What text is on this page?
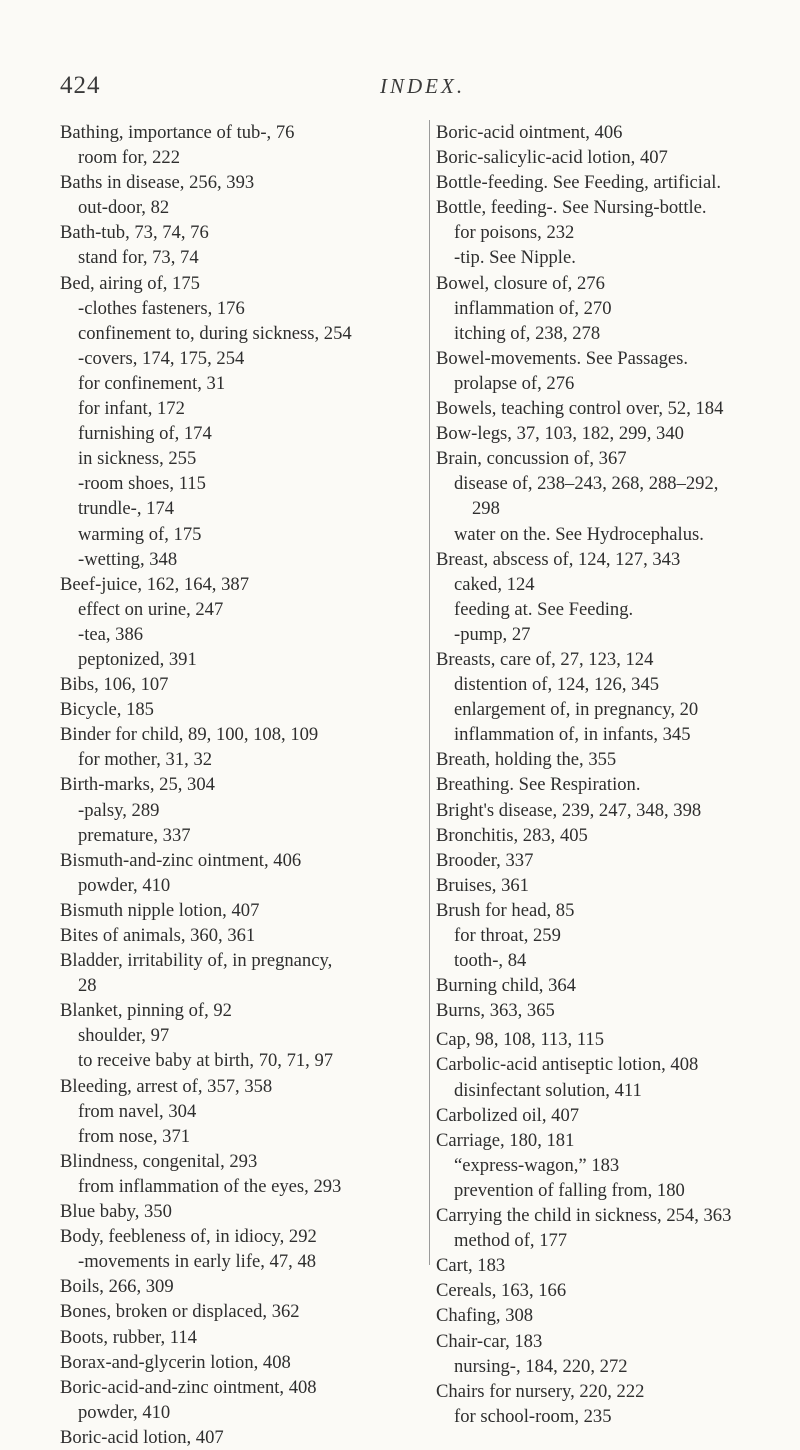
424	INDEX.
Bathing, importance of tub-, 76
room for, 222
Baths in disease, 256, 393
out-door, 82
Bath-tub, 73, 74, 76
stand for, 73, 74
Bed, airing of, 175
-clothes fasteners, 176
confinement to, during sickness, 254
-covers, 174, 175, 254
for confinement, 31
for infant, 172
furnishing of, 174
in sickness, 255
-room shoes, 115
trundle-, 174
warming of, 175
-wetting, 348
Beef-juice, 162, 164, 387
effect on urine, 247
-tea, 386
peptonized, 391
Bibs, 106, 107
Bicycle, 185
Binder for child, 89, 100, 108, 109
for mother, 31, 32
Birth-marks, 25, 304
-palsy, 289
premature, 337
Bismuth-and-zinc ointment, 406
powder, 410
Bismuth nipple lotion, 407
Bites of animals, 360, 361
Bladder, irritability of, in pregnancy,
28
Blanket, pinning of, 92
shoulder, 97
to receive baby at birth, 70, 71, 97
Bleeding, arrest of, 357, 358
from navel, 304
from nose, 371
Blindness, congenital, 293
from inflammation of the eyes, 293
Blue baby, 350
Body, feebleness of, in idiocy, 292
-movements in early life, 47, 48
Boils, 266, 309
Bones, broken or displaced, 362
Boots, rubber, 114
Borax-and-glycerin lotion, 408
Boric-acid-and-zinc ointment, 408
powder, 410
Boric-acid lotion, 407
Boric-acid ointment, 406
Boric-salicylic-acid lotion, 407
Bottle-feeding. See Feeding, artificial.
Bottle, feeding-. See Nursing-bottle.
for poisons, 232
-tip. See Nipple.
Bowel, closure of, 276
inflammation of, 270
itching of, 238, 278
Bowel-movements. See Passages.
prolapse of, 276
Bowels, teaching control over, 52, 184
Bow-legs, 37, 103, 182, 299, 340
Brain, concussion of, 367
disease of, 238–243, 268, 288–292,
298
water on the. See Hydrocephalus.
Breast, abscess of, 124, 127, 343
caked, 124
feeding at. See Feeding.
-pump, 27
Breasts, care of, 27, 123, 124
distention of, 124, 126, 345
enlargement of, in pregnancy, 20
inflammation of, in infants, 345
Breath, holding the, 355
Breathing. See Respiration.
Bright's disease, 239, 247, 348, 398
Bronchitis, 283, 405
Brooder, 337
Bruises, 361
Brush for head, 85
for throat, 259
tooth-, 84
Burning child, 364
Burns, 363, 365
Cap, 98, 108, 113, 115
Carbolic-acid antiseptic lotion, 408
disinfectant solution, 411
Carbolized oil, 407
Carriage, 180, 181
“express-wagon,” 183
prevention of falling from, 180
Carrying the child in sickness, 254, 363
method of, 177
Cart, 183
Cereals, 163, 166
Chafing, 308
Chair-car, 183
nursing-, 184, 220, 272
Chairs for nursery, 220, 222
for school-room, 235
